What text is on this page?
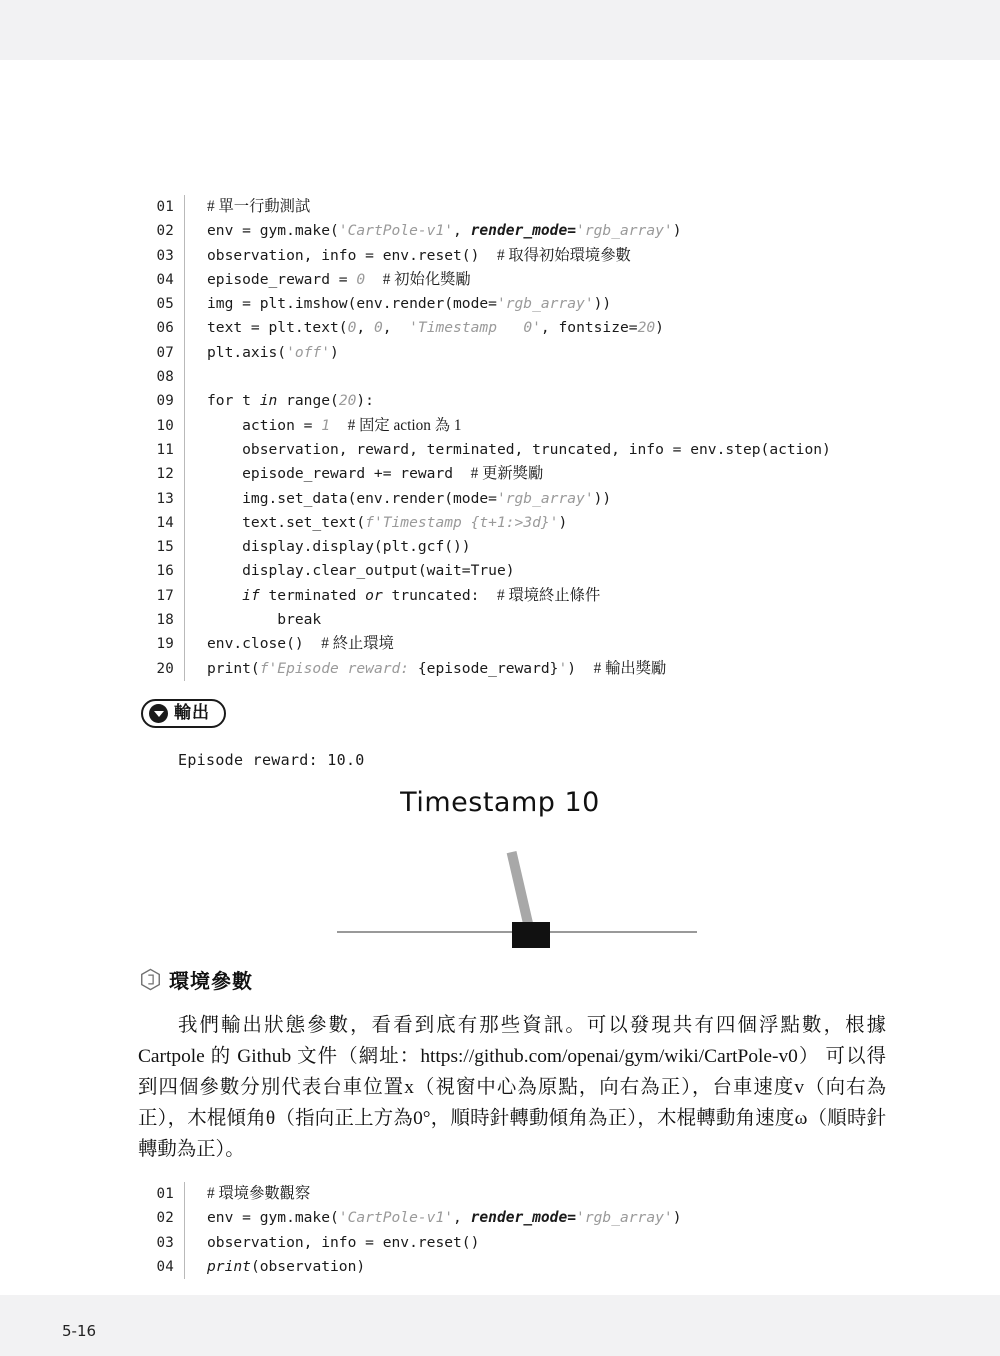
01	# 單一行動測試
02	env = gym.make('CartPole-v1', render_mode='rgb_array')
03	observation, info = env.reset()  # 取得初始環境參數
04	episode_reward = 0 # 初始化獎勵
05	img = plt.imshow(env.render(mode='rgb_array'))
06	text = plt.text(0, 0,  'Timestamp   0', fontsize=20)
07	plt.axis('off')
08
09	for t in range(20):
10	action = 1 # 固定 action 為 1
11	observation, reward, terminated, truncated, info = env.step(action)
12	episode_reward += reward  # 更新獎勵
13	img.set_data(env.render(mode='rgb_array'))
14	text.set_text(f'Timestamp {t+1:>3d}')
15	display.display(plt.gcf())
16	display.clear_output(wait=True)
17	if terminated or truncated:  # 環境終止條件
18	break
19	env.close()  # 終止環境
20	print(f'Episode reward: {episode_reward}')  # 輸出獎勵
輸出
Episode reward: 10.0
Timestamp 10
環境參數
我們輸出狀態參數，看看到底有那些資訊。可以發現共有四個浮點數，根據 Cartpole 的 Github 文件（網址：https://github.com/openai/gym/wiki/CartPole-v0） 可以得到四個參數分別代表台車位置x（視窗中心為原點，向右為正），台車速度v（向右為正），木棍傾角θ（指向正上方為0°，順時針轉動傾角為正），木棍轉動角速度ω（順時針轉動為正）。
01	# 環境參數觀察
02	env = gym.make('CartPole-v1', render_mode='rgb_array')
03	observation, info = env.reset()
04	print(observation)
5-16
